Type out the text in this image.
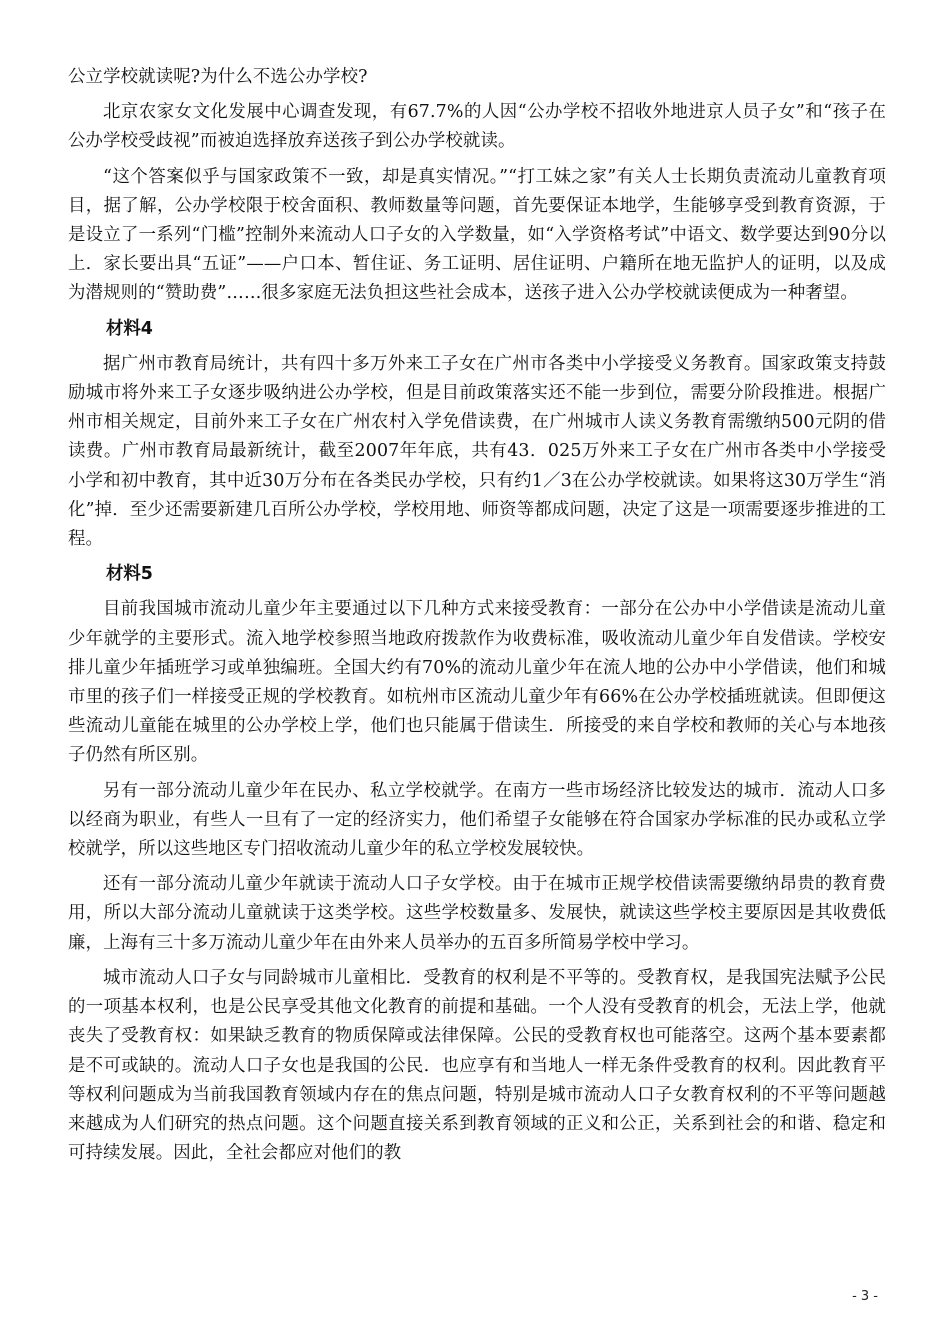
公立学校就读呢?为什么不选公办学校?

北京农家女文化发展中心调查发现，有67.7%的人因“公办学校不招收外地进京人员子女”和“孩子在公办学校受歧视”而被迫选择放弃送孩子到公办学校就读。

“这个答案似乎与国家政策不一致，却是真实情况。”“打工妹之家”有关人士长期负责流动儿童教育项目，据了解，公办学校限于校舍面积、教师数量等问题，首先要保证本地学，生能够享受到教育资源，于是设立了一系列“门槛”控制外来流动人口子女的入学数量，如“入学资格考试”中语文、数学要达到90分以上．家长要出具“五证”——户口本、暂住证、务工证明、居住证明、户籍所在地无监护人的证明，以及成为潜规则的“赞助费”……很多家庭无法负担这些社会成本，送孩子进入公办学校就读便成为一种奢望。

材料4

据广州市教育局统计，共有四十多万外来工子女在广州市各类中小学接受义务教育。国家政策支持鼓励城市将外来工子女逐步吸纳进公办学校，但是目前政策落实还不能一步到位，需要分阶段推进。根据广州市相关规定，目前外来工子女在广州农村入学免借读费，在广州城市人读义务教育需缴纳500元阴的借读费。广州市教育局最新统计，截至2007年年底，共有43．025万外来工子女在广州市各类中小学接受小学和初中教育，其中近30万分布在各类民办学校，只有约1／3在公办学校就读。如果将这30万学生“消化”掉．至少还需要新建几百所公办学校，学校用地、师资等都成问题，决定了这是一项需要逐步推进的工程。

材料5

目前我国城市流动儿童少年主要通过以下几种方式来接受教育：一部分在公办中小学借读是流动儿童少年就学的主要形式。流入地学校参照当地政府拨款作为收费标准，吸收流动儿童少年自发借读。学校安排儿童少年插班学习或单独编班。全国大约有70%的流动儿童少年在流人地的公办中小学借读，他们和城市里的孩子们一样接受正规的学校教育。如杭州市区流动儿童少年有66%在公办学校插班就读。但即便这些流动儿童能在城里的公办学校上学，他们也只能属于借读生．所接受的来自学校和教师的关心与本地孩子仍然有所区别。

另有一部分流动儿童少年在民办、私立学校就学。在南方一些市场经济比较发达的城市．流动人口多以经商为职业，有些人一旦有了一定的经济实力，他们希望子女能够在符合国家办学标准的民办或私立学校就学，所以这些地区专门招收流动儿童少年的私立学校发展较快。

还有一部分流动儿童少年就读于流动人口子女学校。由于在城市正规学校借读需要缴纳昂贵的教育费用，所以大部分流动儿童就读于这类学校。这些学校数量多、发展快，就读这些学校主要原因是其收费低廉，上海有三十多万流动儿童少年在由外来人员举办的五百多所简易学校中学习。

城市流动人口子女与同龄城市儿童相比．受教育的权利是不平等的。受教育权，是我国宪法赋予公民的一项基本权利，也是公民享受其他文化教育的前提和基础。一个人没有受教育的机会，无法上学，他就丧失了受教育权：如果缺乏教育的物质保障或法律保障。公民的受教育权也可能落空。这两个基本要素都是不可或缺的。流动人口子女也是我国的公民．也应享有和当地人一样无条件受教育的权利。因此教育平等权利问题成为当前我国教育领域内存在的焦点问题，特别是城市流动人口子女教育权利的不平等问题越来越成为人们研究的热点问题。这个问题直接关系到教育领域的正义和公正，关系到社会的和谐、稳定和可持续发展。因此，全社会都应对他们的教

- 3 -
